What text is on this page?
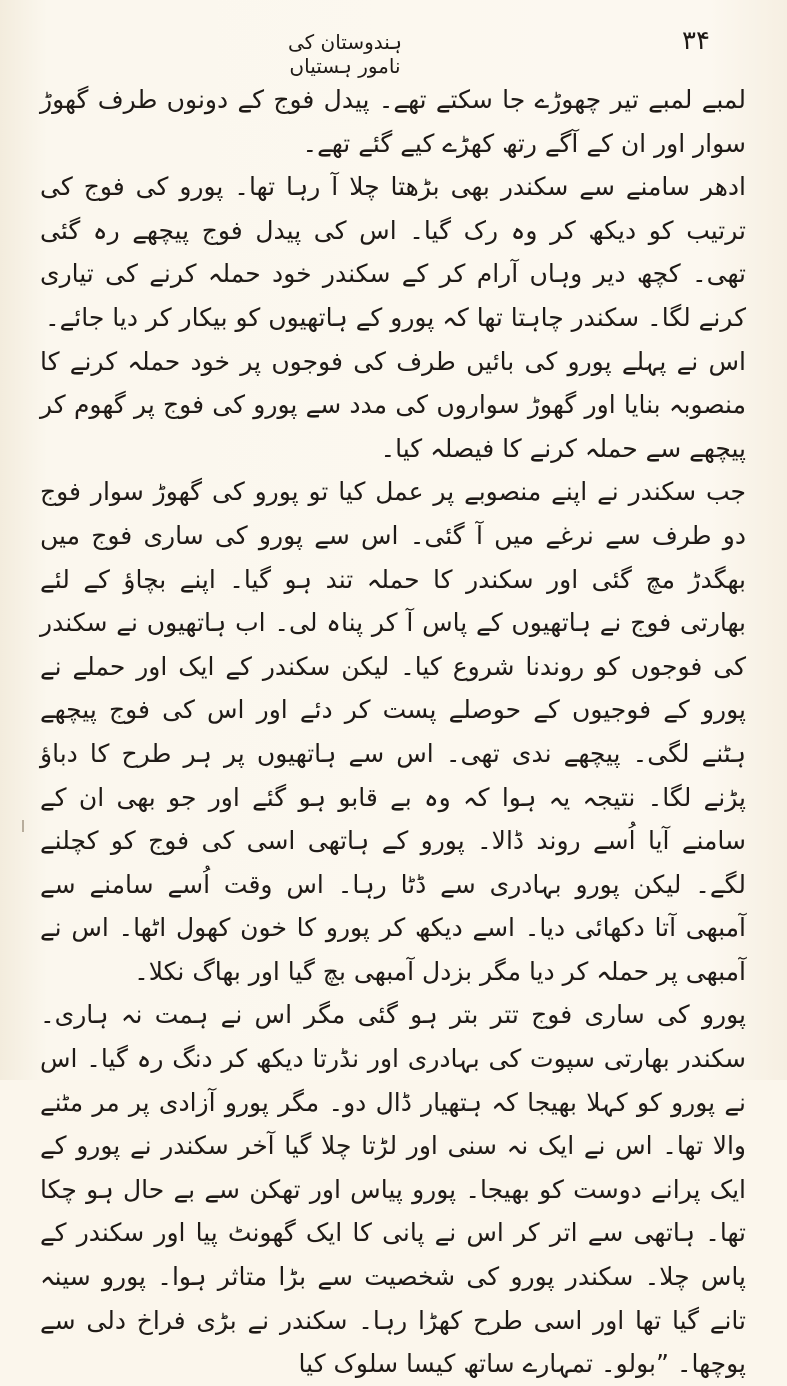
ہندوستان کی نامور ہستیاں
۳۴

لمبے لمبے تیر چھوڑے جا سکتے تھے۔ پیدل فوج کے دونوں طرف گھوڑ سوار اور ان کے آگے رتھ کھڑے کیے گئے تھے۔

ادھر سامنے سے سکندر بھی بڑھتا چلا آ رہا تھا۔ پورو کی فوج کی ترتیب کو دیکھ کر وہ رک گیا۔ اس کی پیدل فوج پیچھے رہ گئی تھی۔ کچھ دیر وہاں آرام کر کے سکندر خود حملہ کرنے کی تیاری کرنے لگا۔ سکندر چاہتا تھا کہ پورو کے ہاتھیوں کو بیکار کر دیا جائے۔

اس نے پہلے پورو کی بائیں طرف کی فوجوں پر خود حملہ کرنے کا منصوبہ بنایا اور گھوڑ سواروں کی مدد سے پورو کی فوج پر گھوم کر پیچھے سے حملہ کرنے کا فیصلہ کیا۔

جب سکندر نے اپنے منصوبے پر عمل کیا تو پورو کی گھوڑ سوار فوج دو طرف سے نرغے میں آ گئی۔ اس سے پورو کی ساری فوج میں بھگدڑ مچ گئی اور سکندر کا حملہ تند ہو گیا۔ اپنے بچاؤ کے لئے بھارتی فوج نے ہاتھیوں کے پاس آ کر پناہ لی۔ اب ہاتھیوں نے سکندر کی فوجوں کو روندنا شروع کیا۔ لیکن سکندر کے ایک اور حملے نے پورو کے فوجیوں کے حوصلے پست کر دئے اور اس کی فوج پیچھے ہٹنے لگی۔ پیچھے ندی تھی۔ اس سے ہاتھیوں پر ہر طرح کا دباؤ پڑنے لگا۔ نتیجہ یہ ہوا کہ وہ بے قابو ہو گئے اور جو بھی ان کے سامنے آیا اُسے روند ڈالا۔ پورو کے ہاتھی اسی کی فوج کو کچلنے لگے۔ لیکن پورو بہادری سے ڈٹا رہا۔ اس وقت اُسے سامنے سے آمبھی آتا دکھائی دیا۔ اسے دیکھ کر پورو کا خون کھول اٹھا۔ اس نے آمبھی پر حملہ کر دیا مگر بزدل آمبھی بچ گیا اور بھاگ نکلا۔

پورو کی ساری فوج تتر بتر ہو گئی مگر اس نے ہمت نہ ہاری۔ سکندر بھارتی سپوت کی بہادری اور نڈرتا دیکھ کر دنگ رہ گیا۔ اس نے پورو کو کہلا بھیجا کہ ہتھیار ڈال دو۔ مگر پورو آزادی پر مر مٹنے والا تھا۔ اس نے ایک نہ سنی اور لڑتا چلا گیا آخر سکندر نے پورو کے ایک پرانے دوست کو بھیجا۔ پورو پیاس اور تھکن سے بے حال ہو چکا تھا۔ ہاتھی سے اتر کر اس نے پانی کا ایک گھونٹ پیا اور سکندر کے پاس چلا۔ سکندر پورو کی شخصیت سے بڑا متاثر ہوا۔ پورو سینہ تانے گیا تھا اور اسی طرح کھڑا رہا۔ سکندر نے بڑی فراخ دلی سے پوچھا۔ ”بولو۔ تمہارے ساتھ کیسا سلوک کیا
